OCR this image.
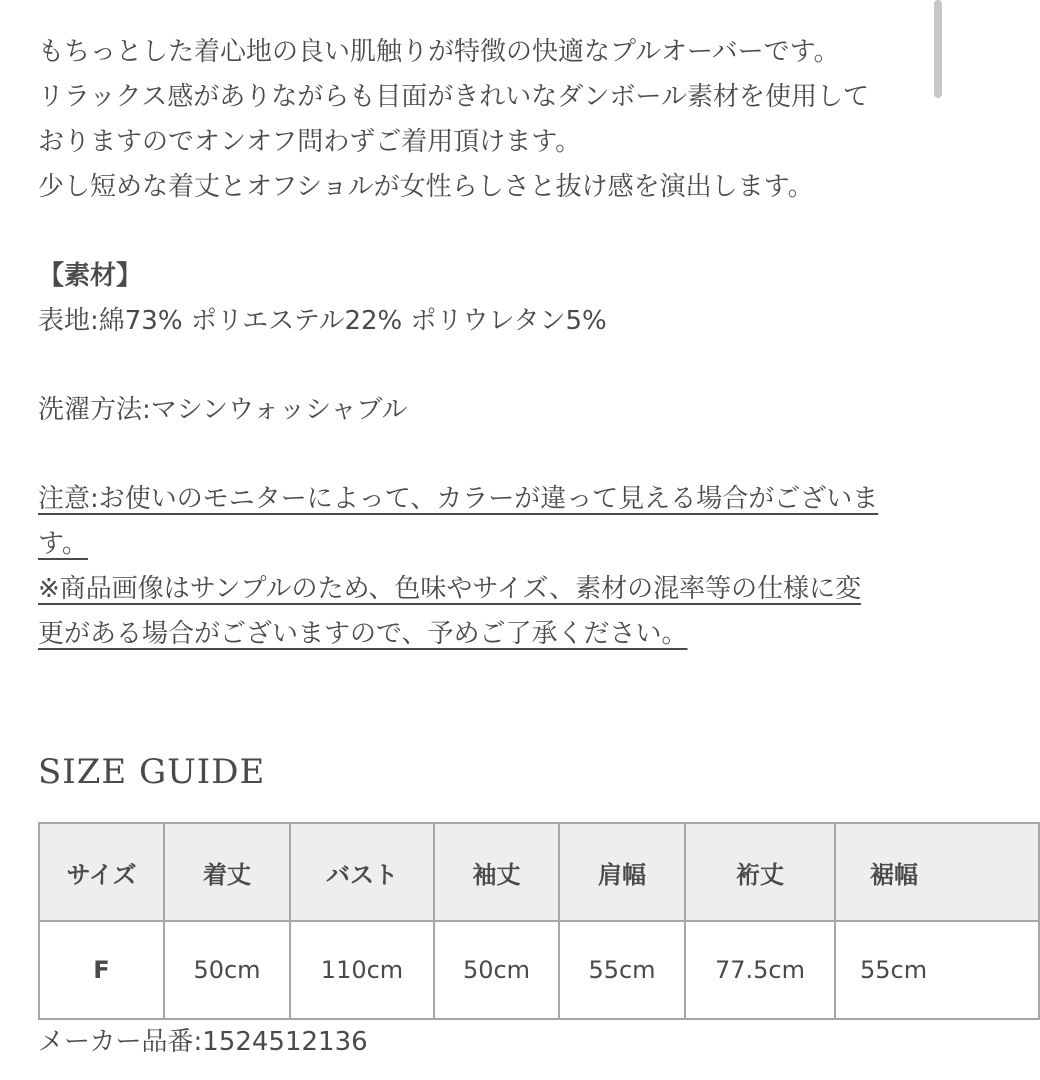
もちっとした着心地の良い肌触りが特徴の快適なプルオーバーです。

リラックス感がありながらも目面がきれいなダンボール素材を使用して

おりますのでオンオフ問わずご着用頂けます。

少し短めな着丈とオフショルが女性らしさと抜け感を演出します。

【素材】

表地:綿73% ポリエステル22% ポリウレタン5%

洗濯方法:マシンウォッシャブル

注意:お使いのモニターによって、カラーが違って見える場合がございま
す。
※商品画像はサンプルのため、色味やサイズ、素材の混率等の仕様に変
更がある場合がございますので、予めご了承ください。
SIZE GUIDE
サイズ	着丈	バスト	袖丈	肩幅	裄丈	裾幅
F	50cm	110cm	50cm	55cm	77.5cm	55cm
メーカー品番:1524512136
